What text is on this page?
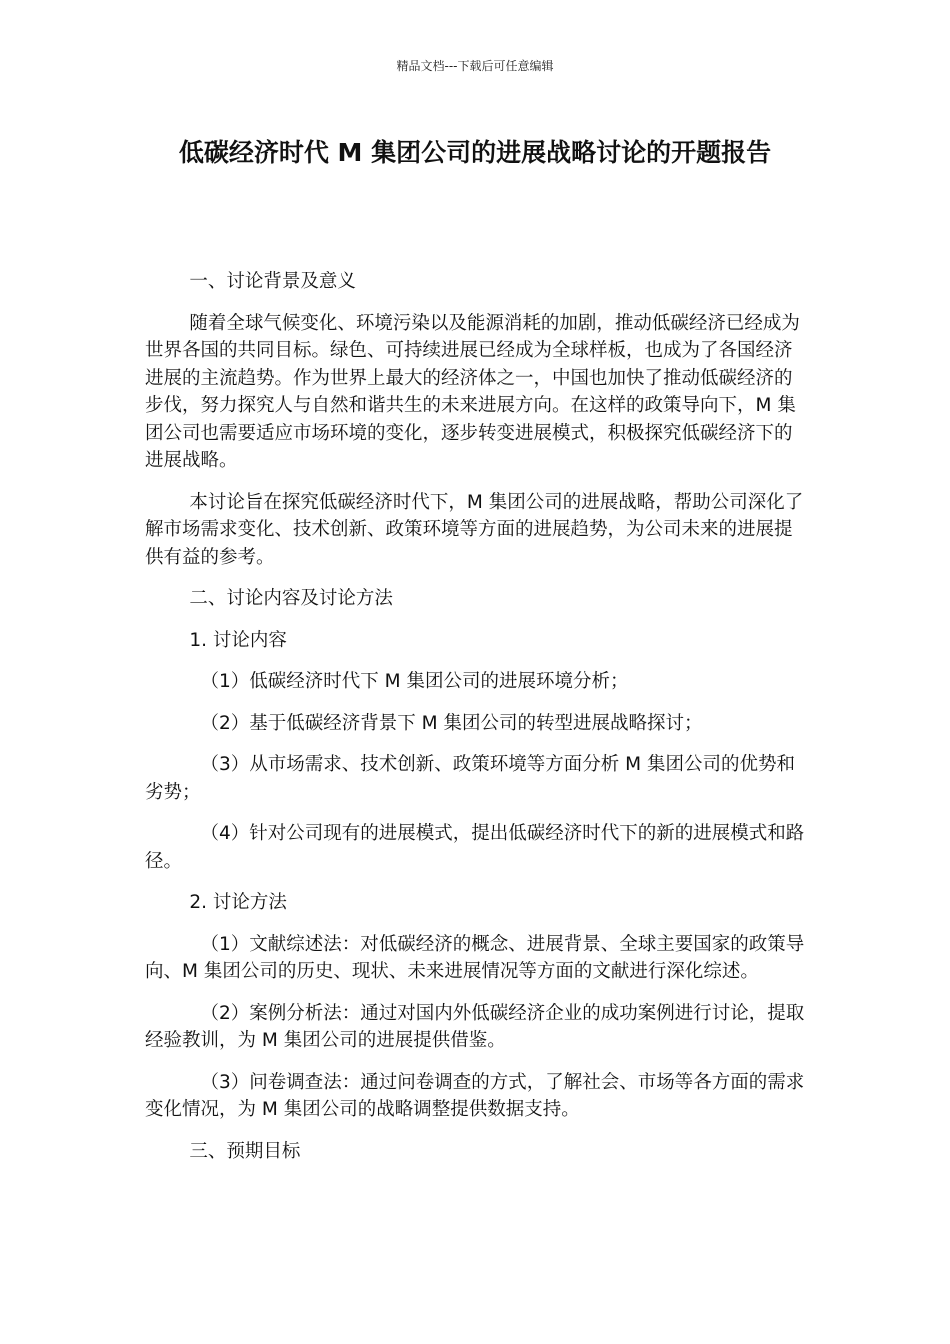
精品文档---下载后可任意编辑
低碳经济时代 M 集团公司的进展战略讨论的开题报告

一、讨论背景及意义

随着全球气候变化、环境污染以及能源消耗的加剧，推动低碳经济已经成为世界各国的共同目标。绿色、可持续进展已经成为全球样板，也成为了各国经济进展的主流趋势。作为世界上最大的经济体之一，中国也加快了推动低碳经济的步伐，努力探究人与自然和谐共生的未来进展方向。在这样的政策导向下，M 集团公司也需要适应市场环境的变化，逐步转变进展模式，积极探究低碳经济下的进展战略。

本讨论旨在探究低碳经济时代下，M 集团公司的进展战略，帮助公司深化了解市场需求变化、技术创新、政策环境等方面的进展趋势，为公司未来的进展提供有益的参考。

二、讨论内容及讨论方法

1. 讨论内容

（1）低碳经济时代下 M 集团公司的进展环境分析；

（2）基于低碳经济背景下 M 集团公司的转型进展战略探讨；

（3）从市场需求、技术创新、政策环境等方面分析 M 集团公司的优势和劣势；

（4）针对公司现有的进展模式，提出低碳经济时代下的新的进展模式和路径。

2. 讨论方法

（1）文献综述法：对低碳经济的概念、进展背景、全球主要国家的政策导向、M 集团公司的历史、现状、未来进展情况等方面的文献进行深化综述。

（2）案例分析法：通过对国内外低碳经济企业的成功案例进行讨论，提取经验教训，为 M 集团公司的进展提供借鉴。

（3）问卷调查法：通过问卷调查的方式，了解社会、市场等各方面的需求变化情况，为 M 集团公司的战略调整提供数据支持。

三、预期目标
